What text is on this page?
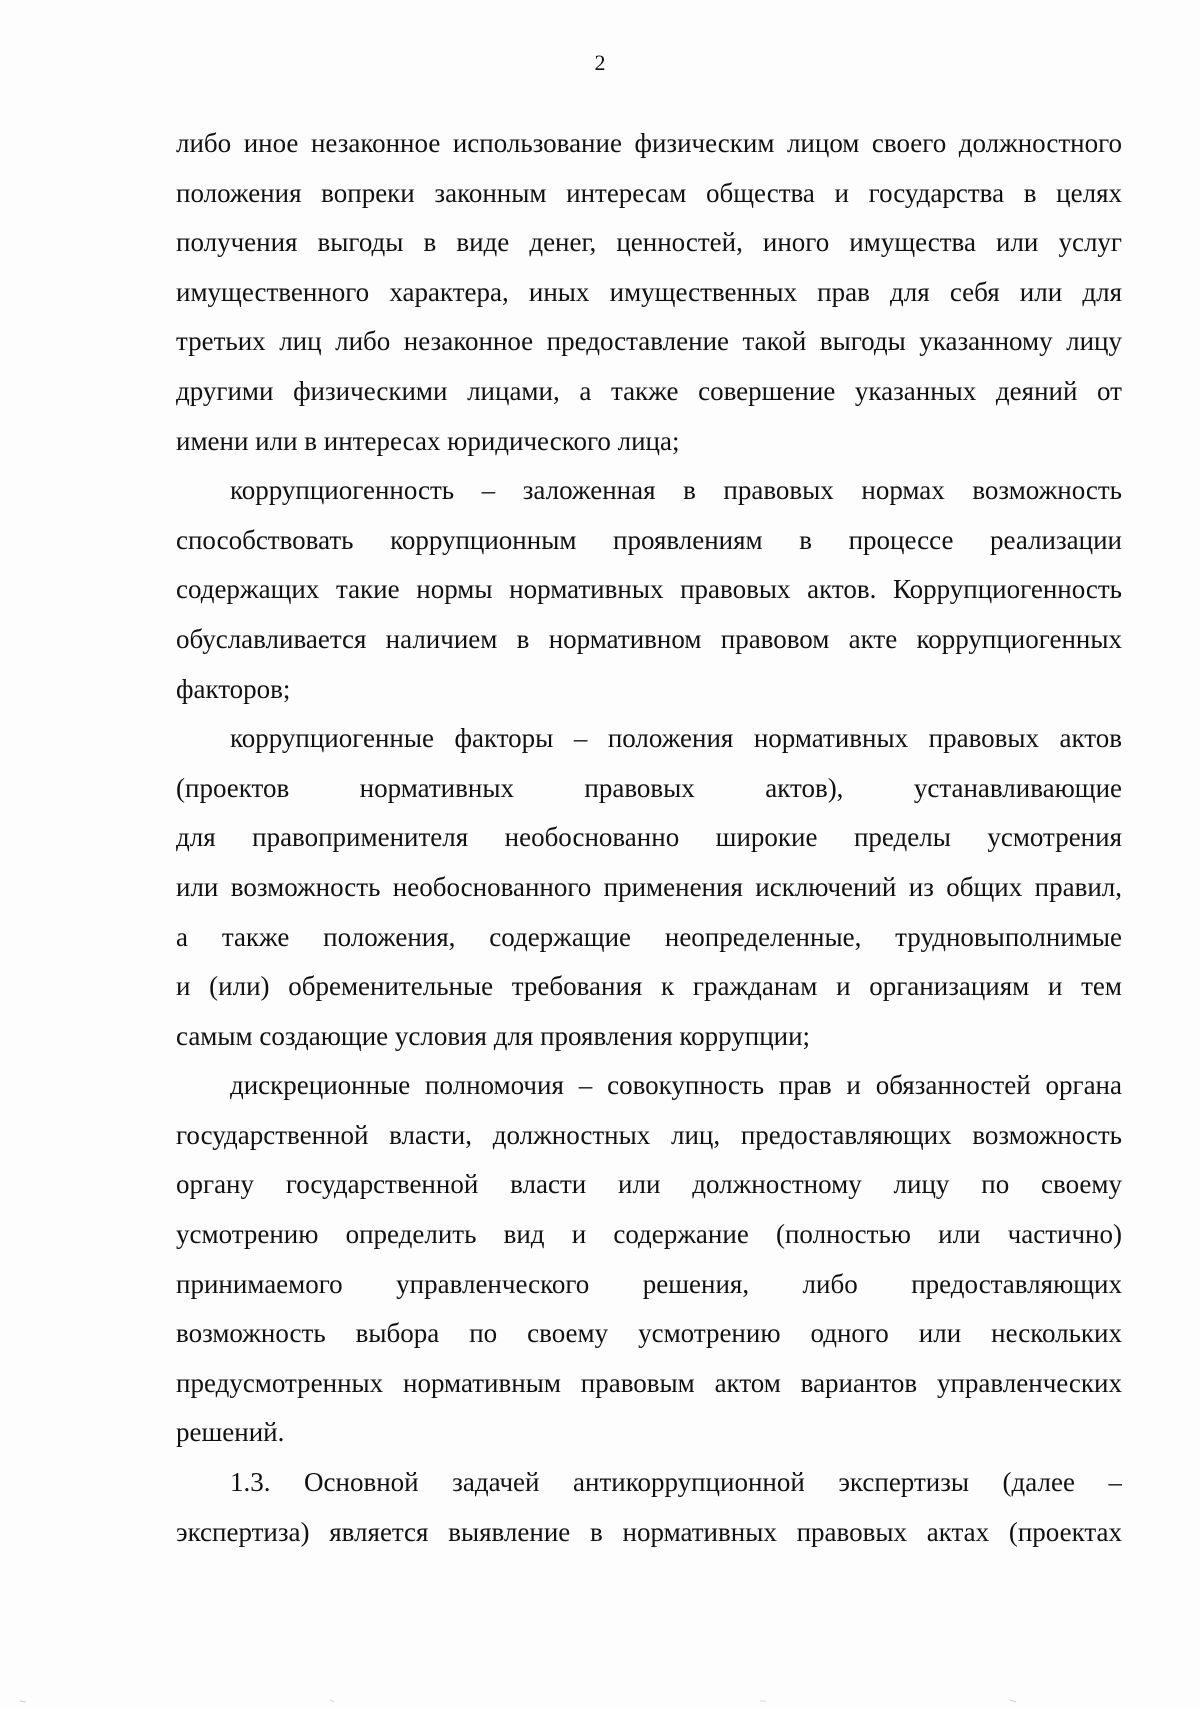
2
либо иное незаконное использование физическим лицом своего должностного
положения вопреки законным интересам общества и государства в целях
получения выгоды в виде денег, ценностей, иного имущества или услуг
имущественного характера, иных имущественных прав для себя или для
третьих лиц либо незаконное предоставление такой выгоды указанному лицу
другими физическими лицами, а также совершение указанных деяний от
имени или в интересах юридического лица;
коррупциогенность – заложенная в правовых нормах возможность
способствовать коррупционным проявлениям в процессе реализации
содержащих такие нормы нормативных правовых актов. Коррупциогенность
обуславливается наличием в нормативном правовом акте коррупциогенных
факторов;
коррупциогенные факторы – положения нормативных правовых актов
(проектов нормативных правовых актов), устанавливающие
для правоприменителя необоснованно широкие пределы усмотрения
или возможность необоснованного применения исключений из общих правил,
а также положения, содержащие неопределенные, трудновыполнимые
и (или) обременительные требования к гражданам и организациям и тем
самым создающие условия для проявления коррупции;
дискреционные полномочия – совокупность прав и обязанностей органа
государственной власти, должностных лиц, предоставляющих возможность
органу государственной власти или должностному лицу по своему
усмотрению определить вид и содержание (полностью или частично)
принимаемого управленческого решения, либо предоставляющих
возможность выбора по своему усмотрению одного или нескольких
предусмотренных нормативным правовым актом вариантов управленческих
решений.
1.3. Основной задачей антикоррупционной экспертизы (далее –
экспертиза) является выявление в нормативных правовых актах (проектах
